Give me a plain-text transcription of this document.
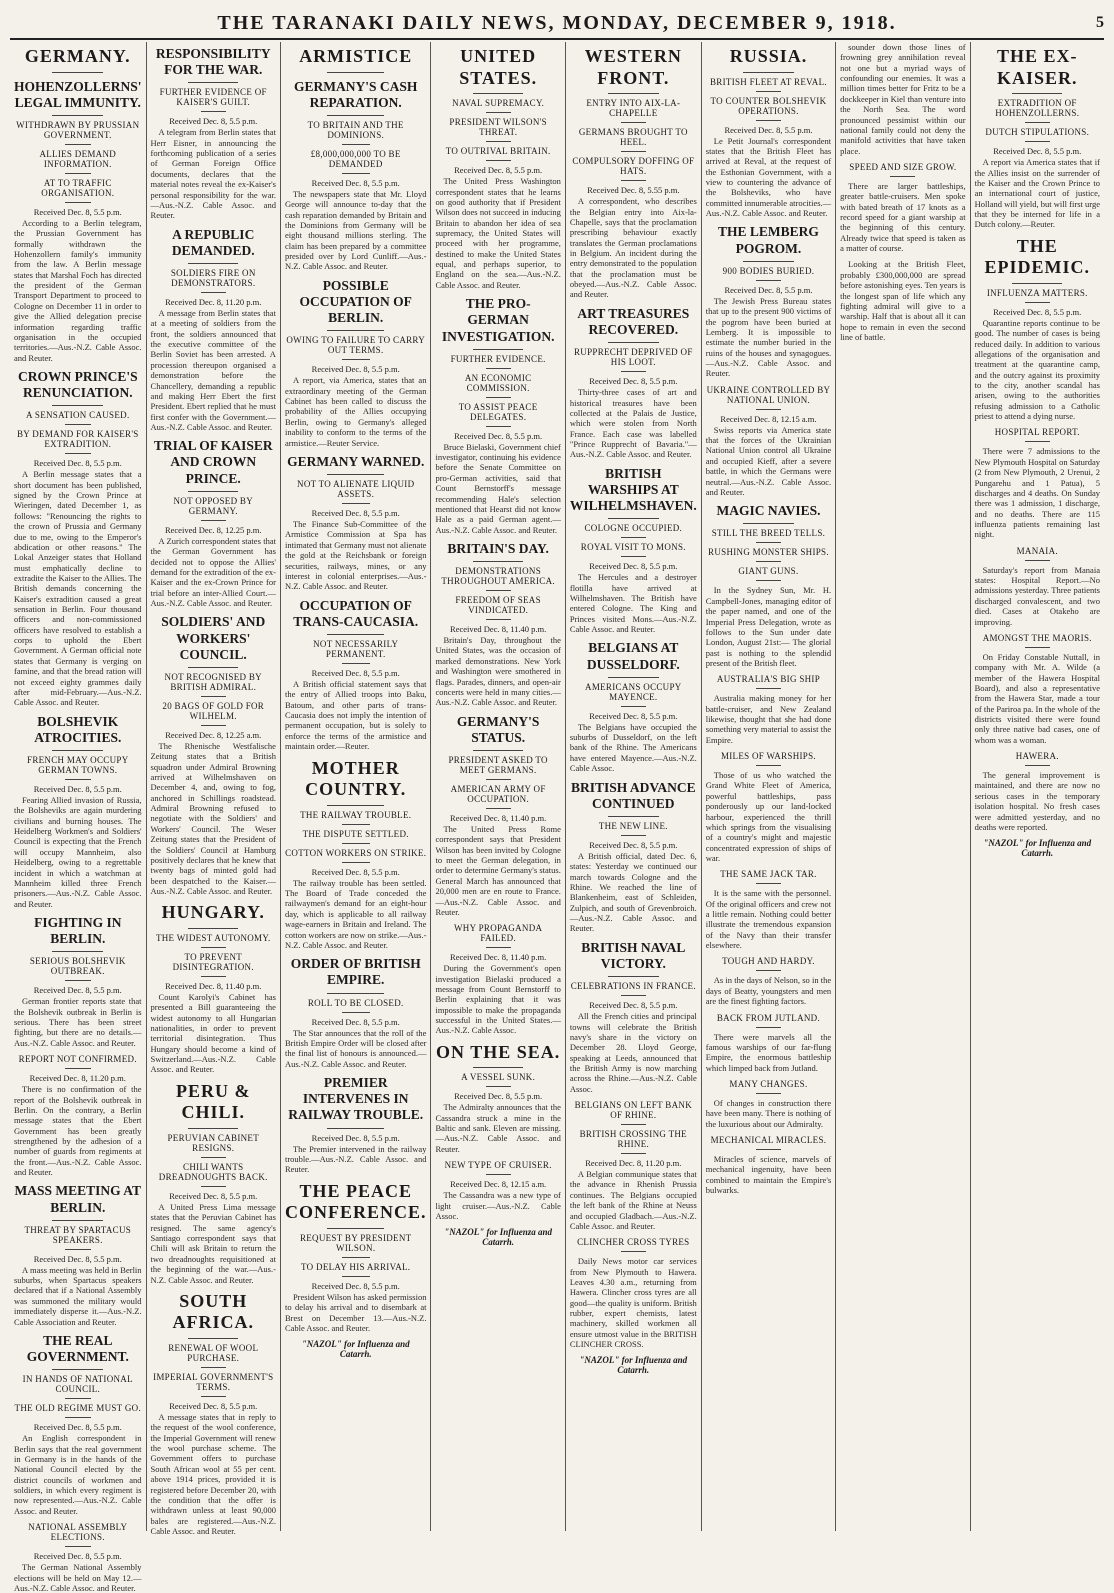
THE TARANAKI DAILY NEWS, MONDAY, DECEMBER 9, 1918.	5
GERMANY.
HOHENZOLLERNS' LEGAL IMMUNITY.
WITHDRAWN BY PRUSSIAN GOVERNMENT.
ALLIES DEMAND INFORMATION.
AT TO TRAFFIC ORGANISATION.
Received Dec. 8, 5.5 p.m.

According to a Berlin telegram, the Prussian Government has formally withdrawn the Hohenzollern family's immunity from the law. A Berlin message states that Marshal Foch has directed the president of the German Transport Department to proceed to Cologne on December 11 in order to give the Allied delegation precise information regarding traffic organisation in the occupied territories.—Aus.-N.Z. Cable Assoc. and Reuter.

CROWN PRINCE'S RENUNCIATION.
A SENSATION CAUSED.
BY DEMAND FOR KAISER'S EXTRADITION.
Received Dec. 8, 5.5 p.m.

A Berlin message states that a short document has been published, signed by the Crown Prince at Wieringen, dated December 1, as follows: "Renouncing the rights to the crown of Prussia and Germany due to me, owing to the Emperor's abdication or other reasons." The Lokal Anzeiger states that Holland must emphatically decline to extradite the Kaiser to the Allies. The British demands concerning the Kaiser's extradition caused a great sensation in Berlin. Four thousand officers and non-commissioned officers have resolved to establish a corps to uphold the Ebert Government. A German official note states that Germany is verging on famine, and that the bread ration will not exceed eighty grammes daily after mid-February.—Aus.-N.Z. Cable Assoc. and Reuter.

BOLSHEVIK ATROCITIES.
FRENCH MAY OCCUPY GERMAN TOWNS.
Received Dec. 8, 5.5 p.m.

Fearing Allied invasion of Russia, the Bolsheviks are again murdering civilians and burning houses. The Heidelberg Workmen's and Soldiers' Council is expecting that the French will occupy Mannheim, also Heidelberg, owing to a regrettable incident in which a watchman at Mannheim killed three French prisoners.—Aus.-N.Z. Cable Assoc. and Reuter.

FIGHTING IN BERLIN.
SERIOUS BOLSHEVIK OUTBREAK.
Received Dec. 8, 5.5 p.m.

German frontier reports state that the Bolshevik outbreak in Berlin is serious. There has been street fighting, but there are no details.—Aus.-N.Z. Cable Assoc. and Reuter.

REPORT NOT CONFIRMED.
Received Dec. 8, 11.20 p.m.

There is no confirmation of the report of the Bolshevik outbreak in Berlin. On the contrary, a Berlin message states that the Ebert Government has been greatly strengthened by the adhesion of a number of guards from regiments at the front.—Aus.-N.Z. Cable Assoc. and Reuter.

MASS MEETING AT BERLIN.
THREAT BY SPARTACUS SPEAKERS.
Received Dec. 8, 5.5 p.m.

A mass meeting was held in Berlin suburbs, when Spartacus speakers declared that if a National Assembly was summoned the military would immediately disperse it.—Aus.-N.Z. Cable Association and Reuter.

THE REAL GOVERNMENT.
IN HANDS OF NATIONAL COUNCIL.
THE OLD REGIME MUST GO.
Received Dec. 8, 5.5 p.m.

An English correspondent in Berlin says that the real government in Germany is in the hands of the National Council elected by the district councils of workmen and soldiers, in which every regiment is now represented.—Aus.-N.Z. Cable Assoc. and Reuter.

NATIONAL ASSEMBLY ELECTIONS.
Received Dec. 8, 5.5 p.m.

The German National Assembly elections will be held on May 12.—Aus.-N.Z. Cable Assoc. and Reuter.

RESPONSIBILITY FOR THE WAR.
FURTHER EVIDENCE OF KAISER'S GUILT.
Received Dec. 8, 5.5 p.m.

A telegram from Berlin states that Herr Eisner, in announcing the forthcoming publication of a series of German Foreign Office documents, declares that the material notes reveal the ex-Kaiser's personal responsibility for the war.—Aus.-N.Z. Cable Assoc. and Reuter.

A REPUBLIC DEMANDED.
SOLDIERS FIRE ON DEMONSTRATORS.
Received Dec. 8, 11.20 p.m.

A message from Berlin states that at a meeting of soldiers from the front, the soldiers announced that the executive committee of the Berlin Soviet has been arrested. A procession thereupon organised a demonstration before the Chancellery, demanding a republic and making Herr Ebert the first President. Ebert replied that he must first confer with the Government.—Aus.-N.Z. Cable Assoc. and Reuter.

TRIAL OF KAISER AND CROWN PRINCE.
NOT OPPOSED BY GERMANY.
Received Dec. 8, 12.25 p.m.

A Zurich correspondent states that the German Government has decided not to oppose the Allies' demand for the extradition of the ex-Kaiser and the ex-Crown Prince for trial before an inter-Allied Court.—Aus.-N.Z. Cable Assoc. and Reuter.

SOLDIERS' AND WORKERS' COUNCIL.
NOT RECOGNISED BY BRITISH ADMIRAL.
20 BAGS OF GOLD FOR WILHELM.
Received Dec. 8, 12.25 a.m.

The Rhenische Westfalische Zeitung states that a British squadron under Admiral Browning arrived at Wilhelmshaven on December 4, and, owing to fog, anchored in Schillings roadstead. Admiral Browning refused to negotiate with the Soldiers' and Workers' Council. The Weser Zeitung states that the President of the Soldiers' Council at Hamburg positively declares that he knew that twenty bags of minted gold had been despatched to the Kaiser.—Aus.-N.Z. Cable Assoc. and Reuter.

HUNGARY.
THE WIDEST AUTONOMY.
TO PREVENT DISINTEGRATION.
Received Dec. 8, 11.40 p.m.

Count Karolyi's Cabinet has presented a Bill guaranteeing the widest autonomy to all Hungarian nationalities, in order to prevent territorial disintegration. Thus Hungary should become a kind of Switzerland.—Aus.-N.Z. Cable Assoc. and Reuter.

PERU & CHILI.
PERUVIAN CABINET RESIGNS.
CHILI WANTS DREADNOUGHTS BACK.
Received Dec. 8, 5.5 p.m.

A United Press Lima message states that the Peruvian Cabinet has resigned. The same agency's Santiago correspondent says that Chili will ask Britain to return the two dreadnoughts requisitioned at the beginning of the war.—Aus.-N.Z. Cable Assoc. and Reuter.

SOUTH AFRICA.
RENEWAL OF WOOL PURCHASE.
IMPERIAL GOVERNMENT'S TERMS.
Received Dec. 8, 5.5 p.m.

A message states that in reply to the request of the wool conference, the Imperial Government will renew the wool purchase scheme. The Government offers to purchase South African wool at 55 per cent. above 1914 prices, provided it is registered before December 20, with the condition that the offer is withdrawn unless at least 90,000 bales are registered.—Aus.-N.Z. Cable Assoc. and Reuter.

ARMISTICE
GERMANY'S CASH REPARATION.
TO BRITAIN AND THE DOMINIONS.
£8,000,000,000 TO BE DEMANDED
Received Dec. 8, 5.5 p.m.

The newspapers state that Mr. Lloyd George will announce to-day that the cash reparation demanded by Britain and the Dominions from Germany will be eight thousand millions sterling. The claim has been prepared by a committee presided over by Lord Cunliff.—Aus.-N.Z. Cable Assoc. and Reuter.

POSSIBLE OCCUPATION OF BERLIN.
OWING TO FAILURE TO CARRY OUT TERMS.
Received Dec. 8, 5.5 p.m.

A report, via America, states that an extraordinary meeting of the German Cabinet has been called to discuss the probability of the Allies occupying Berlin, owing to Germany's alleged inability to conform to the terms of the armistice.—Reuter Service.

GERMANY WARNED.
NOT TO ALIENATE LIQUID ASSETS.
Received Dec. 8, 5.5 p.m.

The Finance Sub-Committee of the Armistice Commission at Spa has intimated that Germany must not alienate the gold at the Reichsbank or foreign securities, railways, mines, or any interest in colonial enterprises.—Aus.-N.Z. Cable Assoc. and Reuter.

OCCUPATION OF TRANS-CAUCASIA.
NOT NECESSARILY PERMANENT.
Received Dec. 8, 5.5 p.m.

A British official statement says that the entry of Allied troops into Baku, Batoum, and other parts of trans-Caucasia does not imply the intention of permanent occupation, but is solely to enforce the terms of the armistice and maintain order.—Reuter.

MOTHER COUNTRY.
THE RAILWAY TROUBLE.
THE DISPUTE SETTLED.
COTTON WORKERS ON STRIKE.
Received Dec. 8, 5.5 p.m.

The railway trouble has been settled. The Board of Trade conceded the railwaymen's demand for an eight-hour day, which is applicable to all railway wage-earners in Britain and Ireland. The cotton workers are now on strike.—Aus.-N.Z. Cable Assoc. and Reuter.

ORDER OF BRITISH EMPIRE.
ROLL TO BE CLOSED.
Received Dec. 8, 5.5 p.m.

The Star announces that the roll of the British Empire Order will be closed after the final list of honours is announced.—Aus.-N.Z. Cable Assoc. and Reuter.

PREMIER INTERVENES IN RAILWAY TROUBLE.
Received Dec. 8, 5.5 p.m.

The Premier intervened in the railway trouble.—Aus.-N.Z. Cable Assoc. and Reuter.

THE PEACE CONFERENCE.
REQUEST BY PRESIDENT WILSON.
TO DELAY HIS ARRIVAL.
Received Dec. 8, 5.5 p.m.

President Wilson has asked permission to delay his arrival and to disembark at Brest on December 13.—Aus.-N.Z. Cable Assoc. and Reuter.

"NAZOL" for Influenza and Catarrh.
UNITED STATES.
NAVAL SUPREMACY.
PRESIDENT WILSON'S THREAT.
TO OUTRIVAL BRITAIN.
Received Dec. 8, 5.5 p.m.

The United Press Washington correspondent states that he learns on good authority that if President Wilson does not succeed in inducing Britain to abandon her idea of sea supremacy, the United States will proceed with her programme, destined to make the United States equal, and perhaps superior, to England on the sea.—Aus.-N.Z. Cable Assoc. and Reuter.

THE PRO-GERMAN INVESTIGATION.
FURTHER EVIDENCE.
AN ECONOMIC COMMISSION.
TO ASSIST PEACE DELEGATES.
Received Dec. 8, 5.5 p.m.

Bruce Bielaski, Government chief investigator, continuing his evidence before the Senate Committee on pro-German activities, said that Count Bernstorff's message recommending Hale's selection mentioned that Hearst did not know Hale as a paid German agent.—Aus.-N.Z. Cable Assoc. and Reuter.

BRITAIN'S DAY.
DEMONSTRATIONS THROUGHOUT AMERICA.
FREEDOM OF SEAS VINDICATED.
Received Dec. 8, 11.40 p.m.

Britain's Day, throughout the United States, was the occasion of marked demonstrations. New York and Washington were smothered in flags. Parades, dinners, and open-air concerts were held in many cities.—Aus.-N.Z. Cable Assoc. and Reuter.

GERMANY'S STATUS.
PRESIDENT ASKED TO MEET GERMANS.
AMERICAN ARMY OF OCCUPATION.
Received Dec. 8, 11.40 p.m.

The United Press Rome correspondent says that President Wilson has been invited by Cologne to meet the German delegation, in order to determine Germany's status. General March has announced that 20,000 men are en route to France.—Aus.-N.Z. Cable Assoc. and Reuter.

WHY PROPAGANDA FAILED.
Received Dec. 8, 11.40 p.m.

During the Government's open investigation Bielaski produced a message from Count Bernstorff to Berlin explaining that it was impossible to make the propaganda successful in the United States.—Aus.-N.Z. Cable Assoc.

ON THE SEA.
A VESSEL SUNK.
Received Dec. 8, 5.5 p.m.

The Admiralty announces that the Cassandra struck a mine in the Baltic and sank. Eleven are missing.—Aus.-N.Z. Cable Assoc. and Reuter.

NEW TYPE OF CRUISER.
Received Dec. 8, 12.15 a.m.

The Cassandra was a new type of light cruiser.—Aus.-N.Z. Cable Assoc.

"NAZOL" for Influenza and Catarrh.
WESTERN FRONT.
ENTRY INTO AIX-LA-CHAPELLE
GERMANS BROUGHT TO HEEL.
COMPULSORY DOFFING OF HATS.
Received Dec. 8, 5.55 p.m.

A correspondent, who describes the Belgian entry into Aix-la-Chapelle, says that the proclamation prescribing behaviour exactly translates the German proclamations in Belgium. An incident during the entry demonstrated to the population that the proclamation must be obeyed.—Aus.-N.Z. Cable Assoc. and Reuter.

ART TREASURES RECOVERED.
RUPPRECHT DEPRIVED OF HIS LOOT.
Received Dec. 8, 5.5 p.m.

Thirty-three cases of art and historical treasures have been collected at the Palais de Justice, which were stolen from North France. Each case was labelled "Prince Rupprecht of Bavaria."—Aus.-N.Z. Cable Assoc. and Reuter.

BRITISH WARSHIPS AT WILHELMSHAVEN.
COLOGNE OCCUPIED.
ROYAL VISIT TO MONS.
Received Dec. 8, 5.5 p.m.

The Hercules and a destroyer flotilla have arrived at Wilhelmshaven. The British have entered Cologne. The King and Princes visited Mons.—Aus.-N.Z. Cable Assoc. and Reuter.

BELGIANS AT DUSSELDORF.
AMERICANS OCCUPY MAYENCE.
Received Dec. 8, 5.5 p.m.

The Belgians have occupied the suburbs of Dusseldorf, on the left bank of the Rhine. The Americans have entered Mayence.—Aus.-N.Z. Cable Assoc.

BRITISH ADVANCE CONTINUED
THE NEW LINE.
Received Dec. 8, 5.5 p.m.

A British official, dated Dec. 6, states: Yesterday we continued our march towards Cologne and the Rhine. We reached the line of Blankenheim, east of Schleiden, Zulpich, and south of Grevenbroich.—Aus.-N.Z. Cable Assoc. and Reuter.

BRITISH NAVAL VICTORY.
CELEBRATIONS IN FRANCE.
Received Dec. 8, 5.5 p.m.

All the French cities and principal towns will celebrate the British navy's share in the victory on December 28. Lloyd George, speaking at Leeds, announced that the British Army is now marching across the Rhine.—Aus.-N.Z. Cable Assoc.

BELGIANS ON LEFT BANK OF RHINE.
BRITISH CROSSING THE RHINE.
Received Dec. 8, 11.20 p.m.

A Belgian communique states that the advance in Rhenish Prussia continues. The Belgians occupied the left bank of the Rhine at Neuss and occupied Gladbach.—Aus.-N.Z. Cable Assoc. and Reuter.

CLINCHER CROSS TYRES

Daily News motor car services from New Plymouth to Hawera. Leaves 4.30 a.m., returning from Hawera. Clincher cross tyres are all good—the quality is uniform. British rubber, expert chemists, latest machinery, skilled workmen all ensure utmost value in the BRITISH CLINCHER CROSS.

"NAZOL" for Influenza and Catarrh.
RUSSIA.
BRITISH FLEET AT REVAL.
TO COUNTER BOLSHEVIK OPERATIONS.
Received Dec. 8, 5.5 p.m.

Le Petit Journal's correspondent states that the British Fleet has arrived at Reval, at the request of the Esthonian Government, with a view to countering the advance of the Bolsheviks, who have committed innumerable atrocities.—Aus.-N.Z. Cable Assoc. and Reuter.

THE LEMBERG POGROM.
900 BODIES BURIED.
Received Dec. 8, 5.5 p.m.

The Jewish Press Bureau states that up to the present 900 victims of the pogrom have been buried at Lemberg. It is impossible to estimate the number buried in the ruins of the houses and synagogues.—Aus.-N.Z. Cable Assoc. and Reuter.

UKRAINE CONTROLLED BY NATIONAL UNION.
Received Dec. 8, 12.15 a.m.

Swiss reports via America state that the forces of the Ukrainian National Union control all Ukraine and occupied Kieff, after a severe battle, in which the Germans were neutral.—Aus.-N.Z. Cable Assoc. and Reuter.

MAGIC NAVIES.
STILL THE BREED TELLS.
RUSHING MONSTER SHIPS.
GIANT GUNS.

In the Sydney Sun, Mr. H. Campbell-Jones, managing editor of the paper named, and one of the Imperial Press Delegation, wrote as follows to the Sun under date London, August 21st:— The glorial past is nothing to the splendid present of the British fleet.

AUSTRALIA'S BIG SHIP

Australia making money for her battle-cruiser, and New Zealand likewise, thought that she had done something very material to assist the Empire.

MILES OF WARSHIPS.

Those of us who watched the Grand White Fleet of America, powerful battleships, pass ponderously up our land-locked harbour, experienced the thrill which springs from the visualising of a country's might and majestic concentrated expression of ships of war.

THE SAME JACK TAR.

It is the same with the personnel. Of the original officers and crew not a little remain. Nothing could better illustrate the tremendous expansion of the Navy than their transfer elsewhere.

TOUGH AND HARDY.

As in the days of Nelson, so in the days of Beatty, youngsters and men are the finest fighting factors.

BACK FROM JUTLAND.

There were marvels all the famous warships of our far-flung Empire, the enormous battleship which limped back from Jutland.

MANY CHANGES.

Of changes in construction there have been many. There is nothing of the luxurious about our Admiralty.

MECHANICAL MIRACLES.

Miracles of science, marvels of mechanical ingenuity, have been combined to maintain the Empire's bulwarks.

sounder down those lines of frowning grey annihilation reveal not one but a myriad ways of confounding our enemies. It was a million times better for Fritz to be a dockkeeper in Kiel than venture into the North Sea. The word pronounced pessimist within our national family could not deny the manifold activities that have taken place.

SPEED AND SIZE GROW.

There are larger battleships, greater battle-cruisers. Men spoke with bated breath of 17 knots as a record speed for a giant warship at the beginning of this century. Already twice that speed is taken as a matter of course.

Looking at the British Fleet, probably £300,000,000 are spread before astonishing eyes. Ten years is the longest span of life which any fighting admiral will give to a warship. Half that is about all it can hope to remain in even the second line of battle.

THE EX-KAISER.
EXTRADITION OF HOHENZOLLERNS.
DUTCH STIPULATIONS.
Received Dec. 8, 5.5 p.m.

A report via America states that if the Allies insist on the surrender of the Kaiser and the Crown Prince to an international court of justice, Holland will yield, but will first urge that they be interned for life in a Dutch colony.—Reuter.

THE EPIDEMIC.
INFLUENZA MATTERS.
Received Dec. 8, 5.5 p.m.

Quarantine reports continue to be good. The number of cases is being reduced daily. In addition to various allegations of the organisation and treatment at the quarantine camp, and the outcry against its proximity to the city, another scandal has arisen, owing to the authorities refusing admission to a Catholic priest to attend a dying nurse.

HOSPITAL REPORT.

There were 7 admissions to the New Plymouth Hospital on Saturday (2 from New Plymouth, 2 Urenui, 2 Pungarehu and 1 Patua), 5 discharges and 4 deaths. On Sunday there was 1 admission, 1 discharge, and no deaths. There are 115 influenza patients remaining last night.

MANAIA.

Saturday's report from Manaia states: Hospital Report.—No admissions yesterday. Three patients discharged convalescent, and two died. Cases at Otakeho are improving.

AMONGST THE MAORIS.

On Friday Constable Nuttall, in company with Mr. A. Wilde (a member of the Hawera Hospital Board), and also a representative from the Hawera Star, made a tour of the Pariroa pa. In the whole of the districts visited there were found only three native bad cases, one of whom was a woman.

HAWERA.

The general improvement is maintained, and there are now no serious cases in the temporary isolation hospital. No fresh cases were admitted yesterday, and no deaths were reported.

"NAZOL" for Influenza and Catarrh.
